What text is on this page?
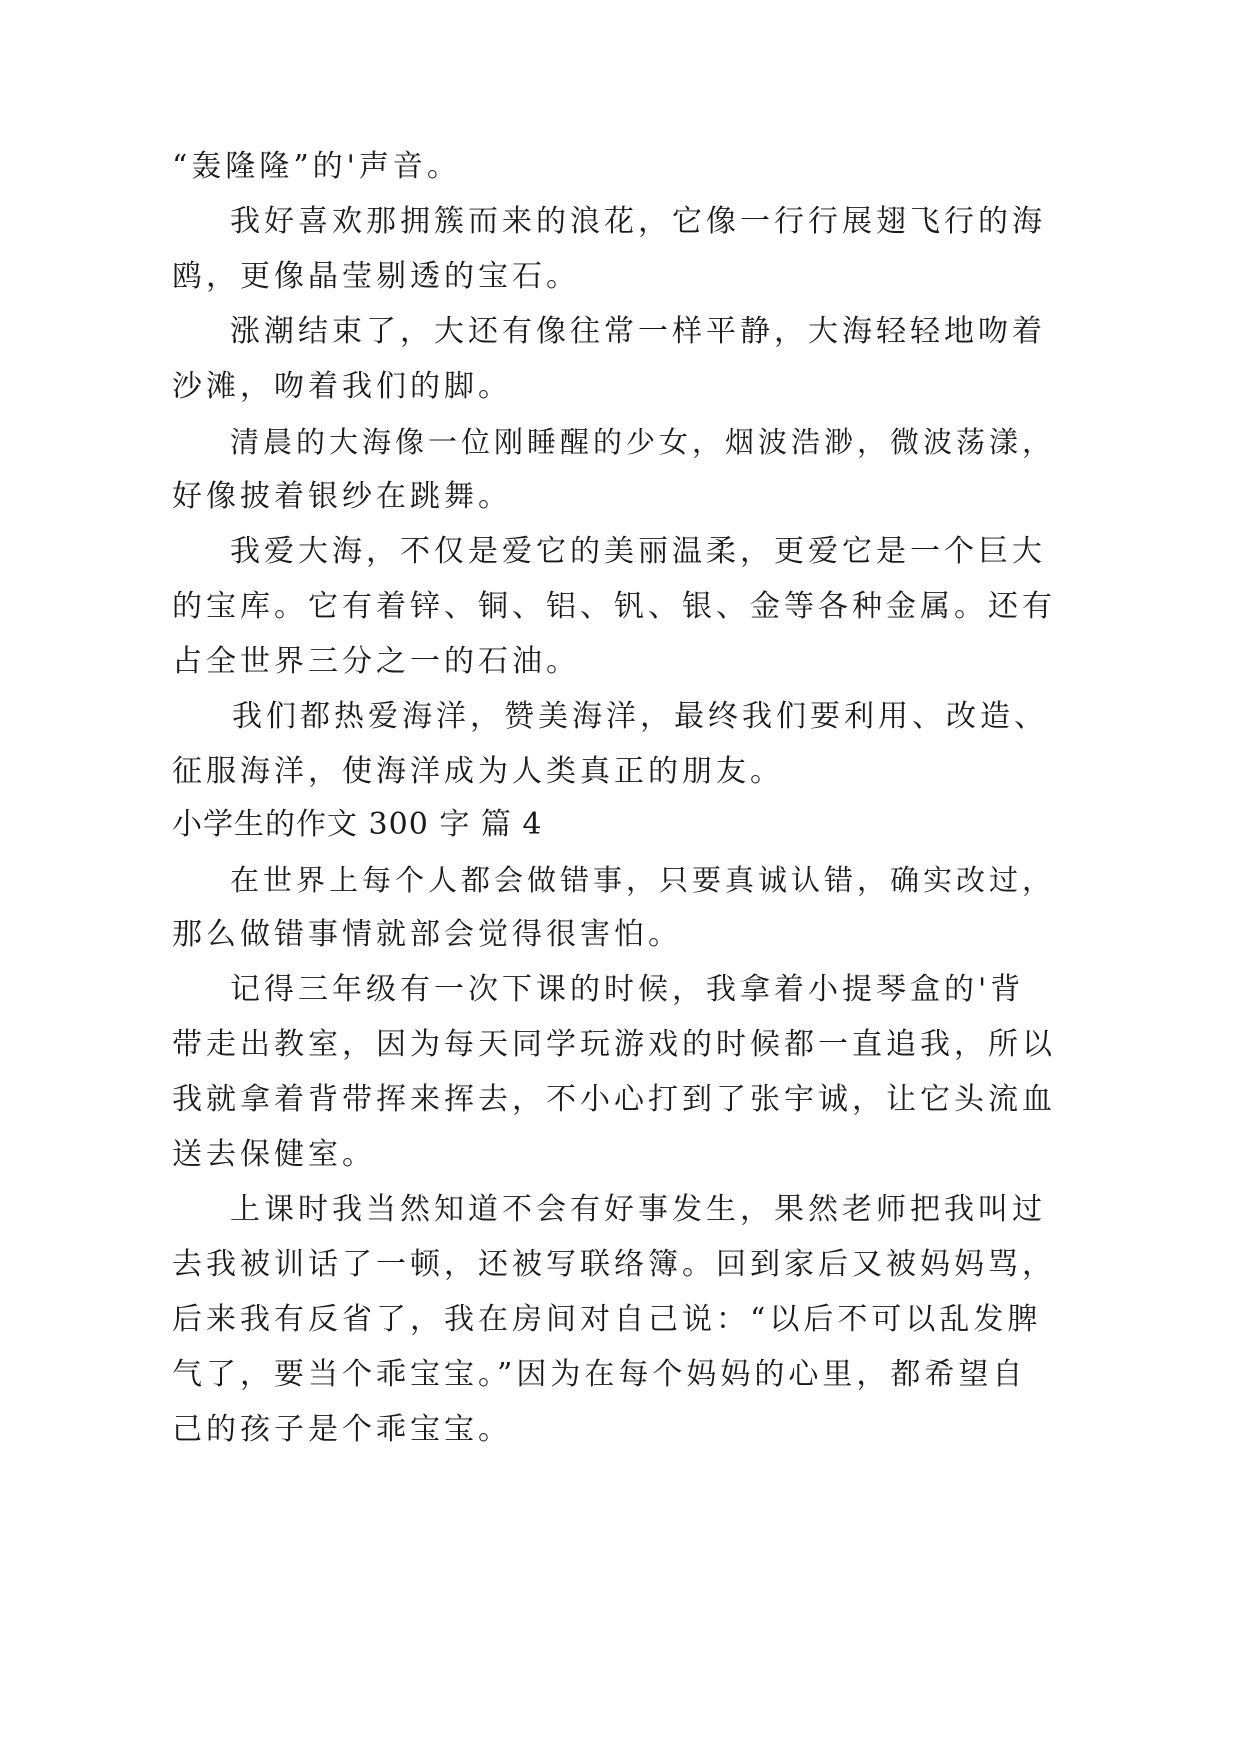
“轰隆隆”的'声音。
我好喜欢那拥簇而来的浪花，它像一行行展翅飞行的海
鸥，更像晶莹剔透的宝石。
涨潮结束了，大还有像往常一样平静，大海轻轻地吻着
沙滩，吻着我们的脚。
清晨的大海像一位刚睡醒的少女，烟波浩渺，微波荡漾，
好像披着银纱在跳舞。
我爱大海，不仅是爱它的美丽温柔，更爱它是一个巨大
的宝库。它有着锌、铜、铝、钒、银、金等各种金属。还有
占全世界三分之一的石油。
我们都热爱海洋，赞美海洋，最终我们要利用、改造、
征服海洋，使海洋成为人类真正的朋友。
小学生的作文 300 字 篇 4
在世界上每个人都会做错事，只要真诚认错，确实改过，
那么做错事情就部会觉得很害怕。
记得三年级有一次下课的时候，我拿着小提琴盒的'背
带走出教室，因为每天同学玩游戏的时候都一直追我，所以
我就拿着背带挥来挥去，不小心打到了张宇诚，让它头流血
送去保健室。
上课时我当然知道不会有好事发生，果然老师把我叫过
去我被训话了一顿，还被写联络簿。回到家后又被妈妈骂，
后来我有反省了，我在房间对自己说：“以后不可以乱发脾
气了，要当个乖宝宝。”因为在每个妈妈的心里，都希望自
己的孩子是个乖宝宝。
